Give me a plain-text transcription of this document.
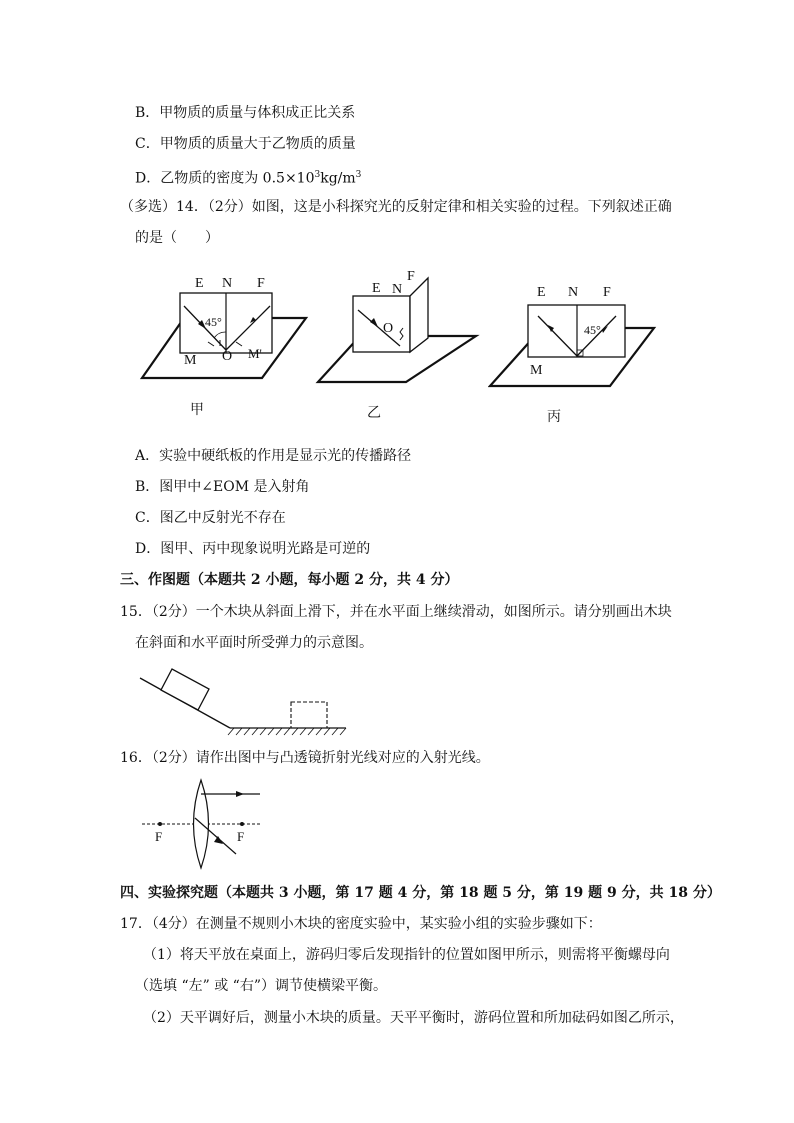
B．甲物质的质量与体积成正比关系
C．甲物质的质量大于乙物质的质量
D．乙物质的密度为 $0.5\times 10^3kg/m^3$
（多选）14．（2分）如图，这是小科探究光的反射定律和相关实验的过程。下列叙述正确
的是（　　）
E N F
45°
M O M'
甲
E N
F
O
乙
E N F
45°
M
丙
A．实验中硬纸板的作用是显示光的传播路径
B．图甲中∠EOM 是入射角
C．图乙中反射光不存在
D．图甲、丙中现象说明光路是可逆的
三、作图题（本题共 2 小题，每小题 2 分，共 4 分）
15．（2分）一个木块从斜面上滑下，并在水平面上继续滑动，如图所示。请分别画出木块
在斜面和水平面时所受弹力的示意图。
16．（2分）请作出图中与凸透镜折射光线对应的入射光线。
F	F
四、实验探究题（本题共 3 小题，第 17 题 4 分，第 18 题 5 分，第 19 题 9 分，共 18 分）
17．（4分）在测量不规则小木块的密度实验中，某实验小组的实验步骤如下：
（1）将天平放在桌面上，游码归零后发现指针的位置如图甲所示，则需将平衡螺母向
（选填 “左” 或 “右”）调节使横梁平衡。
（2）天平调好后，测量小木块的质量。天平平衡时，游码位置和所加砝码如图乙所示，
